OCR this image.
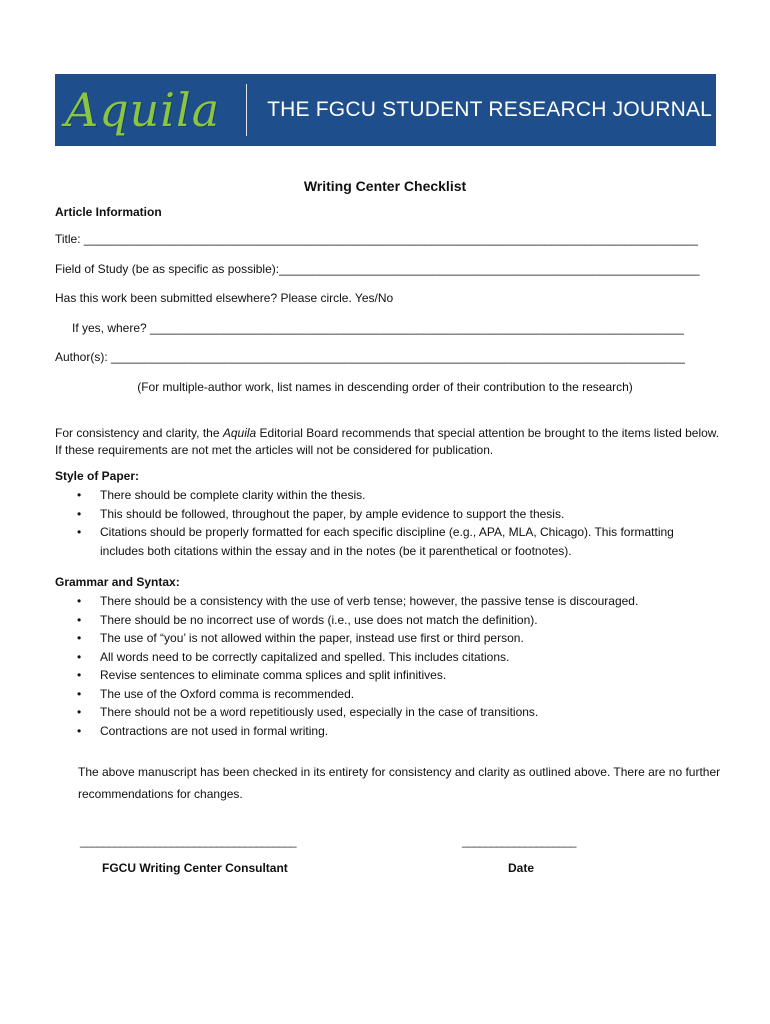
Aquila THE FGCU STUDENT RESEARCH JOURNAL
Writing Center Checklist
Article Information
Title: ____________________________________________________________________________________________
Field of Study (be as specific as possible):_______________________________________________________________
Has this work been submitted elsewhere? Please circle. Yes/No
If yes, where? ________________________________________________________________________________
Author(s): ______________________________________________________________________________________
(For multiple-author work, list names in descending order of their contribution to the research)
For consistency and clarity, the Aquila Editorial Board recommends that special attention be brought to the items listed below. If these requirements are not met the articles will not be considered for publication.
Style of Paper:
• There should be complete clarity within the thesis.
• This should be followed, throughout the paper, by ample evidence to support the thesis.
• Citations should be properly formatted for each specific discipline (e.g., APA, MLA, Chicago). This formatting includes both citations within the essay and in the notes (be it parenthetical or footnotes).
Grammar and Syntax:
• There should be a consistency with the use of verb tense; however, the passive tense is discouraged.
• There should be no incorrect use of words (i.e., use does not match the definition).
• The use of “you’ is not allowed within the paper, instead use first or third person.
• All words need to be correctly capitalized and spelled. This includes citations.
• Revise sentences to eliminate comma splices and split infinitives.
• The use of the Oxford comma is recommended.
• There should not be a word repetitiously used, especially in the case of transitions.
• Contractions are not used in formal writing.
The above manuscript has been checked in its entirety for consistency and clarity as outlined above. There are no further recommendations for changes.
______________________________________	____________________
FGCU Writing Center Consultant	Date
